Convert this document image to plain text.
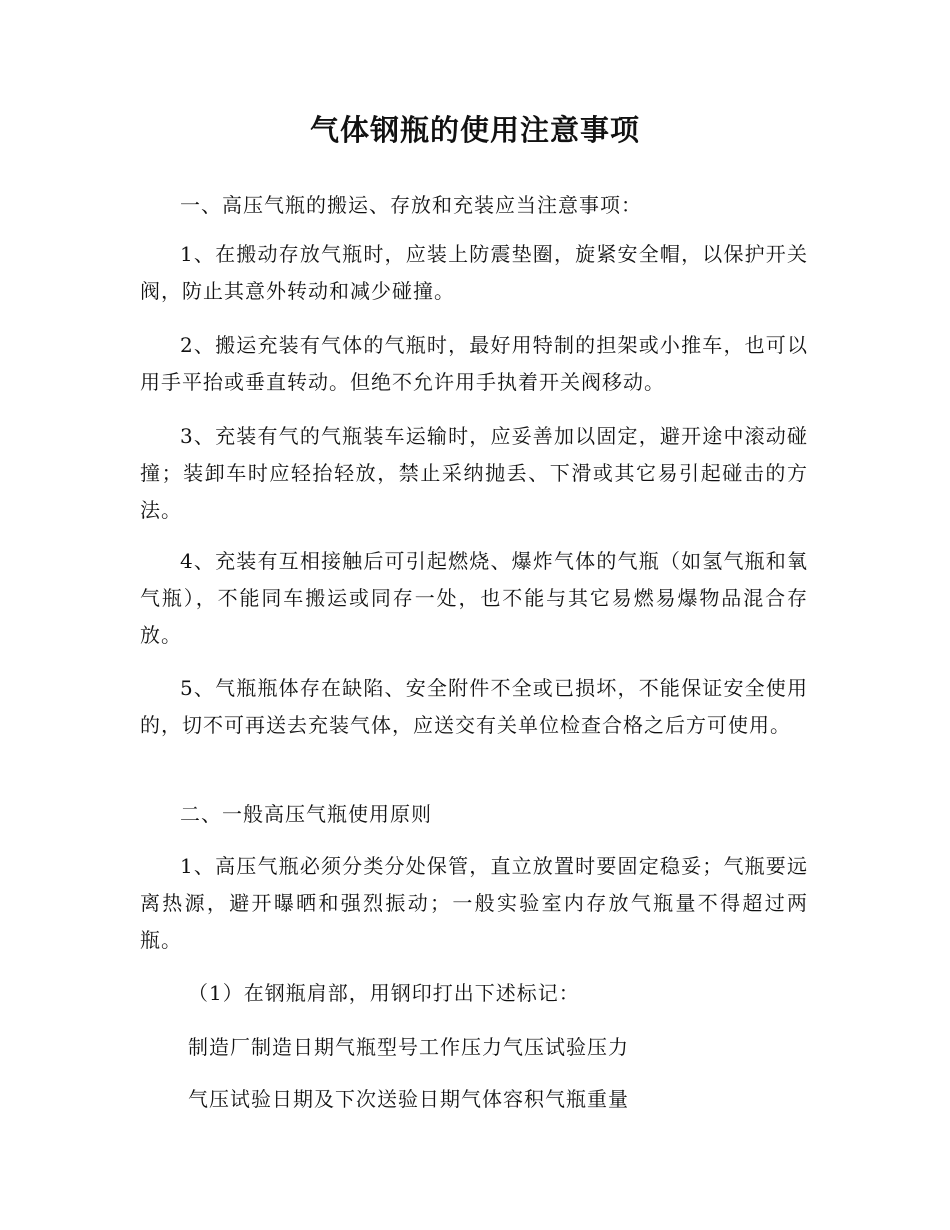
气体钢瓶的使用注意事项

一、高压气瓶的搬运、存放和充装应当注意事项：

1、在搬动存放气瓶时，应装上防震垫圈，旋紧安全帽，以保护开关阀，防止其意外转动和减少碰撞。

2、搬运充装有气体的气瓶时，最好用特制的担架或小推车，也可以用手平抬或垂直转动。但绝不允许用手执着开关阀移动。

3、充装有气的气瓶装车运输时，应妥善加以固定，避开途中滚动碰撞；装卸车时应轻抬轻放，禁止采纳抛丢、下滑或其它易引起碰击的方法。

4、充装有互相接触后可引起燃烧、爆炸气体的气瓶（如氢气瓶和氧气瓶），不能同车搬运或同存一处，也不能与其它易燃易爆物品混合存放。

5、气瓶瓶体存在缺陷、安全附件不全或已损坏，不能保证安全使用的，切不可再送去充装气体，应送交有关单位检查合格之后方可使用。

二、一般高压气瓶使用原则

1、高压气瓶必须分类分处保管，直立放置时要固定稳妥；气瓶要远离热源，避开曝晒和强烈振动；一般实验室内存放气瓶量不得超过两瓶。

（1）在钢瓶肩部，用钢印打出下述标记：

制造厂制造日期气瓶型号工作压力气压试验压力

气压试验日期及下次送验日期气体容积气瓶重量
